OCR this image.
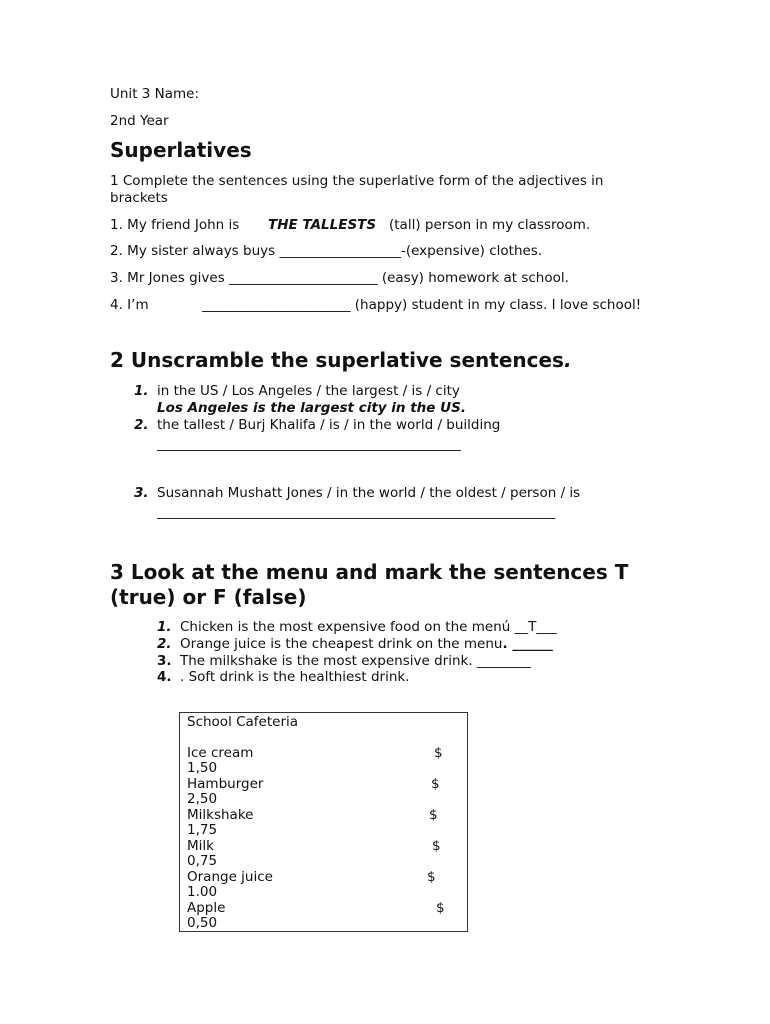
Unit 3 Name:
2nd Year
Superlatives
1 Complete the sentences using the superlative form of the adjectives in
brackets
1. My friend John is THE TALLESTS (tall) person in my classroom.
2. My sister always buys __________________-(expensive) clothes.
3. Mr Jones gives ______________________ (easy) homework at school.
4. I’m	______________________ (happy) student in my class. I love school!
2 Unscramble the superlative sentences.
1. in the US / Los Angeles / the largest / is / city
Los Angeles is the largest city in the US.
2. the tallest / Burj Khalifa / is / in the world / building
_____________________________________________
3. Susannah Mushatt Jones / in the world / the oldest / person / is
___________________________________________________________
3 Look at the menu and mark the sentences T
(true) or F (false)
1. Chicken is the most expensive food on the menú __T___
2. Orange juice is the cheapest drink on the menu. ______
3. The milkshake is the most expensive drink. ________
4. . Soft drink is the healthiest drink.
School Cafeteria
Ice cream	$
1,50
Hamburger	$
2,50
Milkshake	$
1,75
Milk	$
0,75
Orange juice	$
1.00
Apple	$
0,50
